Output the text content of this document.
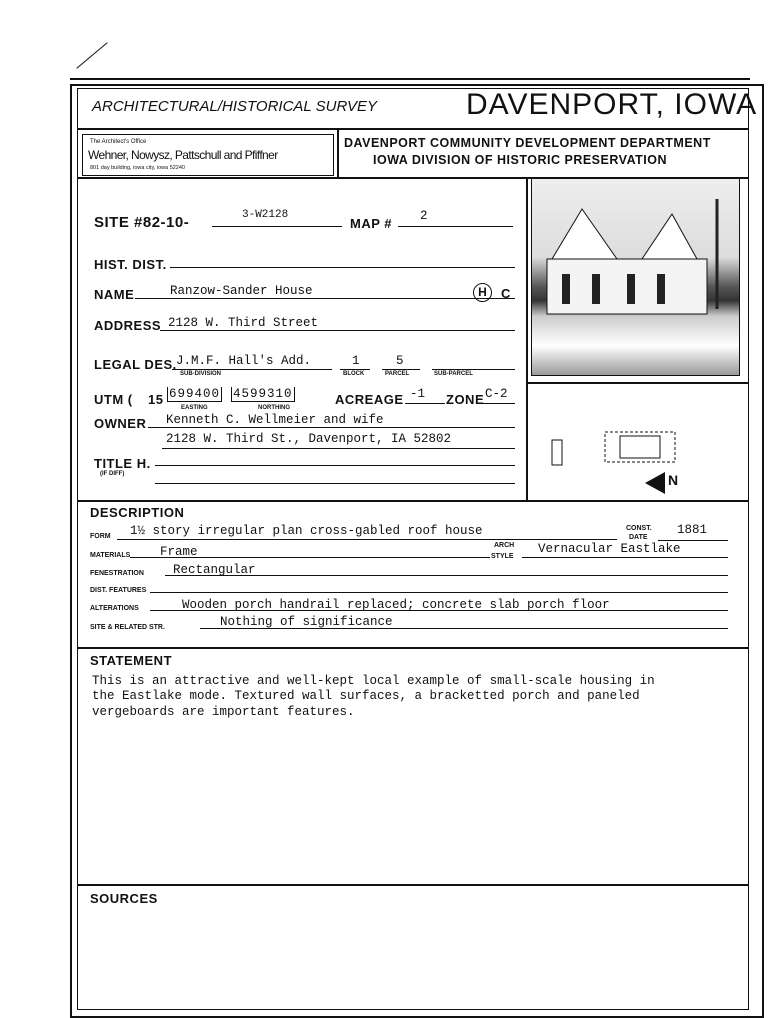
ARCHITECTURAL/HISTORICAL SURVEY	DAVENPORT, IOWA
The Architect's Office
Wehner, Nowysz, Pattschull and Pfiffner
801 day building, iowa city, iowa 52240
DAVENPORT COMMUNITY DEVELOPMENT DEPARTMENT
IOWA DIVISION OF HISTORIC PRESERVATION
N
SITE #82-10-	3-W2128
MAP # 2
HIST. DIST.
NAME	Ranzow-Sander House	H	C
ADDRESS 2128 W. Third Street
LEGAL DES. J.M.F. Hall's Add.
SUB-DIVISION
1
BLOCK
5
PARCEL	SUB-PARCEL
UTM ( 15 699400 4599310
EASTING	NORTHING
ACREAGE -1 ZONE C-2
OWNER Kenneth C. Wellmeier and wife
2128 W. Third St., Davenport, IA 52802
TITLE H.
(IF DIFF)
DESCRIPTION
FORM 1½ story irregular plan cross-gabled roof house	CONST.
DATE
1881
MATERIALS Frame	ARCH
STYLE
Vernacular Eastlake
FENESTRATION Rectangular
DIST. FEATURES
ALTERATIONS	Wooden porch handrail replaced; concrete slab porch floor
SITE & RELATED STR.	Nothing of significance
STATEMENT
This is an attractive and well-kept local example of small-scale housing in
the Eastlake mode. Textured wall surfaces, a bracketted porch and paneled
vergeboards are important features.
SOURCES
